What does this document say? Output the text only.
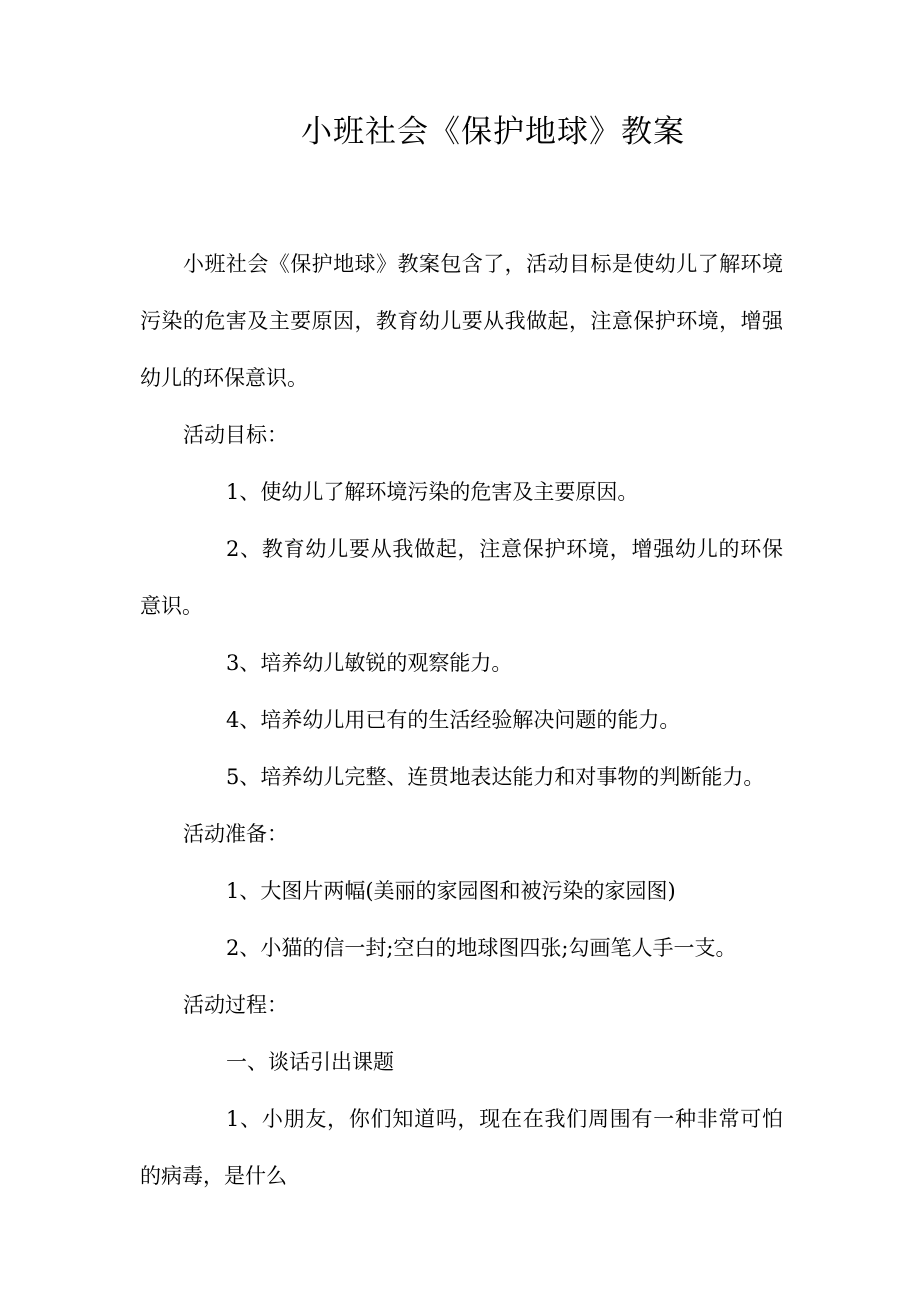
小班社会《保护地球》教案

小班社会《保护地球》教案包含了，活动目标是使幼儿了解环境污染的危害及主要原因，教育幼儿要从我做起，注意保护环境，增强幼儿的环保意识。

活动目标：

1、使幼儿了解环境污染的危害及主要原因。

2、教育幼儿要从我做起，注意保护环境，增强幼儿的环保意识。

3、培养幼儿敏锐的观察能力。

4、培养幼儿用已有的生活经验解决问题的能力。

5、培养幼儿完整、连贯地表达能力和对事物的判断能力。

活动准备：

1、大图片两幅(美丽的家园图和被污染的家园图)

2、小猫的信一封;空白的地球图四张;勾画笔人手一支。

活动过程：

一、谈话引出课题

1、小朋友，你们知道吗，现在在我们周围有一种非常可怕的病毒，是什么
